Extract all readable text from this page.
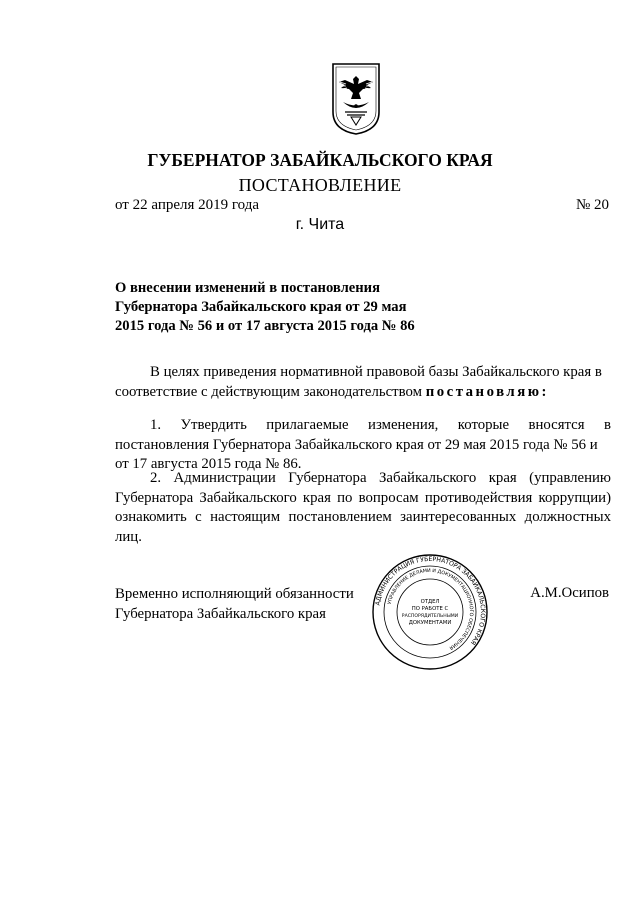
ГУБЕРНАТОР ЗАБАЙКАЛЬСКОГО КРАЯ
ПОСТАНОВЛЕНИЕ
от 22 апреля 2019 года	№ 20
г. Чита
О внесении изменений в постановления
Губернатора Забайкальского края от 29 мая
2015 года № 56 и от 17 августа 2015 года № 86
В целях приведения нормативной правовой базы Забайкальского края в
соответствие с действующим законодательством постановляю:
1. Утвердить прилагаемые изменения, которые вносятся в
постановления Губернатора Забайкальского края от 29 мая 2015 года № 56 и
от 17 августа 2015 года № 86.
2. Администрации Губернатора Забайкальского края (управлению
Губернатора Забайкальского края по вопросам противодействия коррупции)
ознакомить с настоящим постановлением заинтересованных должностных
лиц.
Временно исполняющий обязанности
Губернатора Забайкальского края
А.М.Осипов
АДМИНИСТРАЦИЯ ГУБЕРНАТОРА ЗАБАЙКАЛЬСКОГО КРАЯ
УПРАВЛЕНИЕ ДЕЛАМИ И ДОКУМЕНТАЦИОННОГО ОБЕСПЕЧЕНИЯ
ОТДЕЛ
ПО РАБОТЕ С
РАСПОРЯДИТЕЛЬНЫМИ
ДОКУМЕНТАМИ
